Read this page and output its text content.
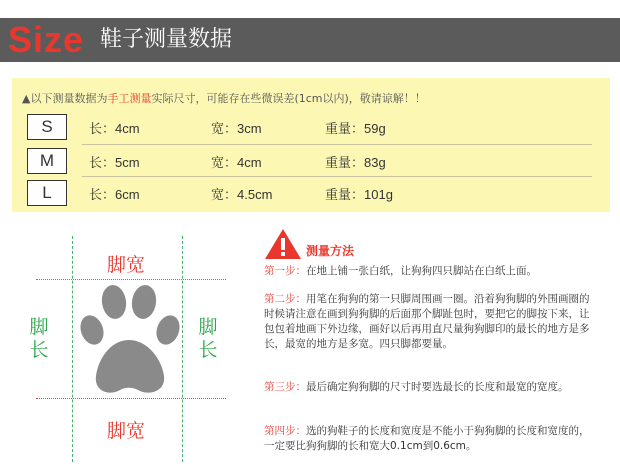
Size 鞋子测量数据
▲以下测量数据为手工测量实际尺寸，可能存在些微误差(1cm以内)，敬请谅解！！
S	长：4cm	宽：3cm	重量：59g
M	长：5cm	宽：4cm	重量：83g
L	长：6cm	宽：4.5cm	重量：101g
脚宽
脚宽
脚
长
脚
长
测量方法
第一步：在地上铺一张白纸，让狗狗四只脚站在白纸上面。
第二步：用笔在狗狗的第一只脚周围画一圈。沿着狗狗脚的外围画圈的时候请注意在画到狗狗脚的后面那个脚趾包时，要把它的脚按下来，让包包着地画下外边缘，画好以后再用直尺量狗狗脚印的最长的地方是多长，最宽的地方是多宽。四只脚都要量。
第三步：最后确定狗狗脚的尺寸时要选最长的长度和最宽的宽度。
第四步：选的狗鞋子的长度和宽度是不能小于狗狗脚的长度和宽度的，一定要比狗狗脚的长和宽大0.1cm到0.6cm。
